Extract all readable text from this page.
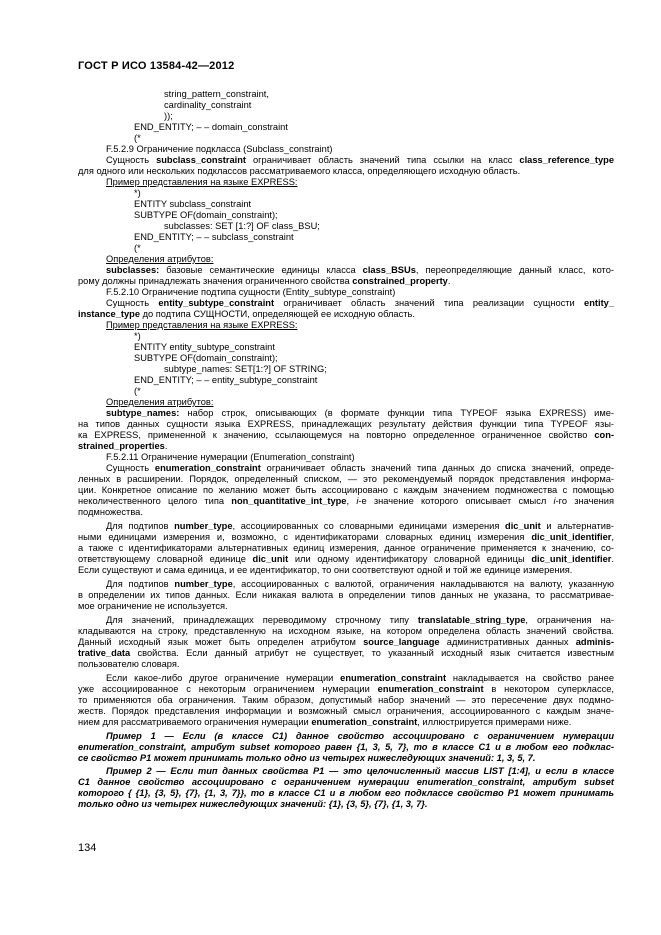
ГОСТ Р ИСО 13584-42—2012
string_pattern_constraint,
cardinality_constraint
));
END_ENTITY; – – domain_constraint
(*
F.5.2.9 Ограничение подкласса (Subclass_constraint)
Сущность subclass_constraint ограничивает область значений типа ссылки на класс class_reference_type
для одного или нескольких подклассов рассматриваемого класса, определяющего исходную область.
Пример представления на языке EXPRESS:
*)
ENTITY subclass_constraint
SUBTYPE OF(domain_constraint);
subclasses: SET [1:?] OF class_BSU;
END_ENTITY; – – subclass_constraint
(*
Определения атрибутов:
subclasses: базовые семантические единицы класса class_BSUs, переопределяющие данный класс, кото-
рому должны принадлежать значения ограниченного свойства constrained_property.
F.5.2.10 Ограничение подтипа сущности (Entity_subtype_constraint)
Сущность entity_subtype_constraint ограничивает область значений типа реализации сущности entity_
instance_type до подтипа СУЩНОСТИ, определяющей ее исходную область.
Пример представления на языке EXPRESS:
*)
ENTITY entity_subtype_constraint
SUBTYPE OF(domain_constraint);
subtype_names: SET[1:?] OF STRING;
END_ENTITY; – – entity_subtype_constraint
(*
Определения атрибутов:
subtype_names: набор строк, описывающих (в формате функции типа TYPEOF языка EXPRESS) име-
на типов данных сущности языка EXPRESS, принадлежащих результату действия функции типа TYPEOF язы-
ка EXPRESS, примененной к значению, ссылающемуся на повторно определенное ограниченное свойство con-
strained_properties.
F.5.2.11 Ограничение нумерации (Enumeration_constraint)
Сущность enumeration_constraint ограничивает область значений типа данных до списка значений, опреде-
ленных в расширении. Порядок, определенный списком, — это рекомендуемый порядок представления информа-
ции. Конкретное описание по желанию может быть ассоциировано с каждым значением подмножества с помощью
неколичественного целого типа non_quantitative_int_type, i-е значение которого описывает смысл i-го значения
подмножества.
Для подтипов number_type, ассоциированных со словарными единицами измерения dic_unit и альтернатив-
ными единицами измерения и, возможно, с идентификаторами словарных единиц измерения dic_unit_identifier,
а также с идентификаторами альтернативных единиц измерения, данное ограничение применяется к значению, со-
ответствующему словарной единице dic_unit или одному идентификатору словарной единицы dic_unit_identifier.
Если существуют и сама единица, и ее идентификатор, то они соответствуют одной и той же единице измерения.
Для подтипов number_type, ассоциированных с валютой, ограничения накладываются на валюту, указанную
в определении их типов данных. Если никакая валюта в определении типов данных не указана, то рассматривае-
мое ограничение не используется.
Для значений, принадлежащих переводимому строчному типу translatable_string_type, ограничения на-
кладываются на строку, представленную на исходном языке, на котором определена область значений свойства.
Данный исходный язык может быть определен атрибутом source_language административных данных adminis-
trative_data свойства. Если данный атрибут не существует, то указанный исходный язык считается известным
пользователю словаря.
Если какое-либо другое ограничение нумерации enumeration_constraint накладывается на свойство ранее
уже ассоциированное с некоторым ограничением нумерации enumeration_constraint в некотором суперклассе,
то применяются оба ограничения. Таким образом, допустимый набор значений — это пересечение двух подмно-
жеств. Порядок представления информации и возможный смысл ограничения, ассоциированного с каждым значе-
нием для рассматриваемого ограничения нумерации enumeration_constraint, иллюстрируется примерами ниже.
Пример 1 — Если (в классе С1) данное свойство ассоциировано с ограничением нумерации
enumeration_constraint, атрибут subset которого равен {1, 3, 5, 7}, то в классе С1 и в любом его подклас-
се свойство Р1 может принимать только одно из четырех нижеследующих значений: 1, 3, 5, 7.
Пример 2 — Если тип данных свойства Р1 — это целочисленный массив LIST [1:4], и если в классе
С1 данное свойство ассоциировано с ограничением нумерации enumeration_constraint, атрибут subset
которого { {1}, {3, 5}, {7}, {1, 3, 7}}, то в классе С1 и в любом его подклассе свойство Р1 может принимать
только одно из четырех нижеследующих значений: {1}, {3, 5}, {7}, {1, 3, 7}.
134
